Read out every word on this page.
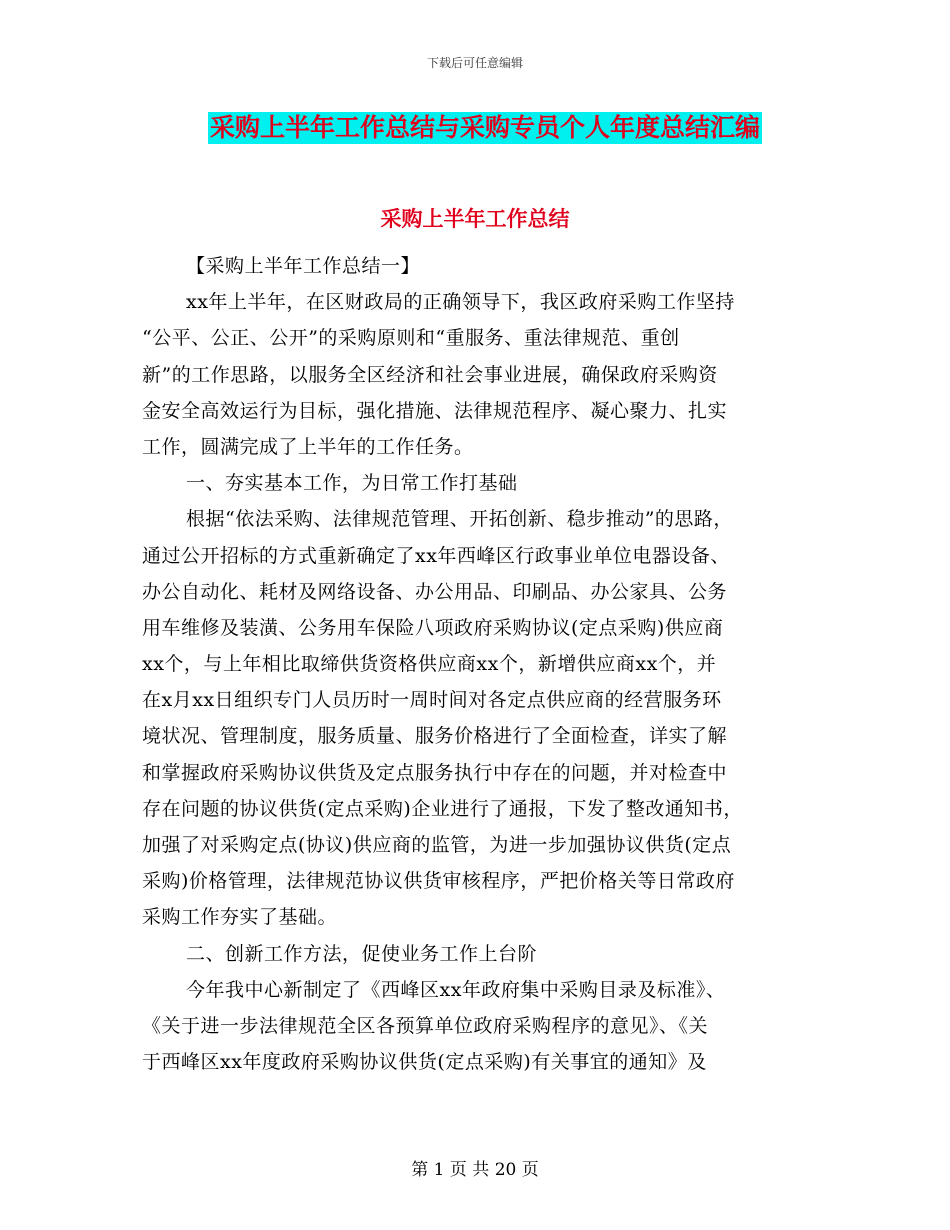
下载后可任意编辑
采购上半年工作总结与采购专员个人年度总结汇编
采购上半年工作总结
【采购上半年工作总结一】
xx年上半年，在区财政局的正确领导下，我区政府采购工作坚持
“公平、公正、公开”的采购原则和“重服务、重法律规范、重创
新”的工作思路，以服务全区经济和社会事业进展，确保政府采购资
金安全高效运行为目标，强化措施、法律规范程序、凝心聚力、扎实
工作，圆满完成了上半年的工作任务。
一、夯实基本工作，为日常工作打基础
根据“依法采购、法律规范管理、开拓创新、稳步推动”的思路，
通过公开招标的方式重新确定了xx年西峰区行政事业单位电器设备、
办公自动化、耗材及网络设备、办公用品、印刷品、办公家具、公务
用车维修及装潢、公务用车保险八项政府采购协议(定点采购)供应商
xx个，与上年相比取缔供货资格供应商xx个，新增供应商xx个，并
在x月xx日组织专门人员历时一周时间对各定点供应商的经营服务环
境状况、管理制度，服务质量、服务价格进行了全面检查，详实了解
和掌握政府采购协议供货及定点服务执行中存在的问题，并对检查中
存在问题的协议供货(定点采购)企业进行了通报，下发了整改通知书，
加强了对采购定点(协议)供应商的监管，为进一步加强协议供货(定点
采购)价格管理，法律规范协议供货审核程序，严把价格关等日常政府
采购工作夯实了基础。
二、创新工作方法，促使业务工作上台阶
今年我中心新制定了《西峰区xx年政府集中采购目录及标准》、
《关于进一步法律规范全区各预算单位政府采购程序的意见》、《关
于西峰区xx年度政府采购协议供货(定点采购)有关事宜的通知》及
第 1 页 共 20 页
